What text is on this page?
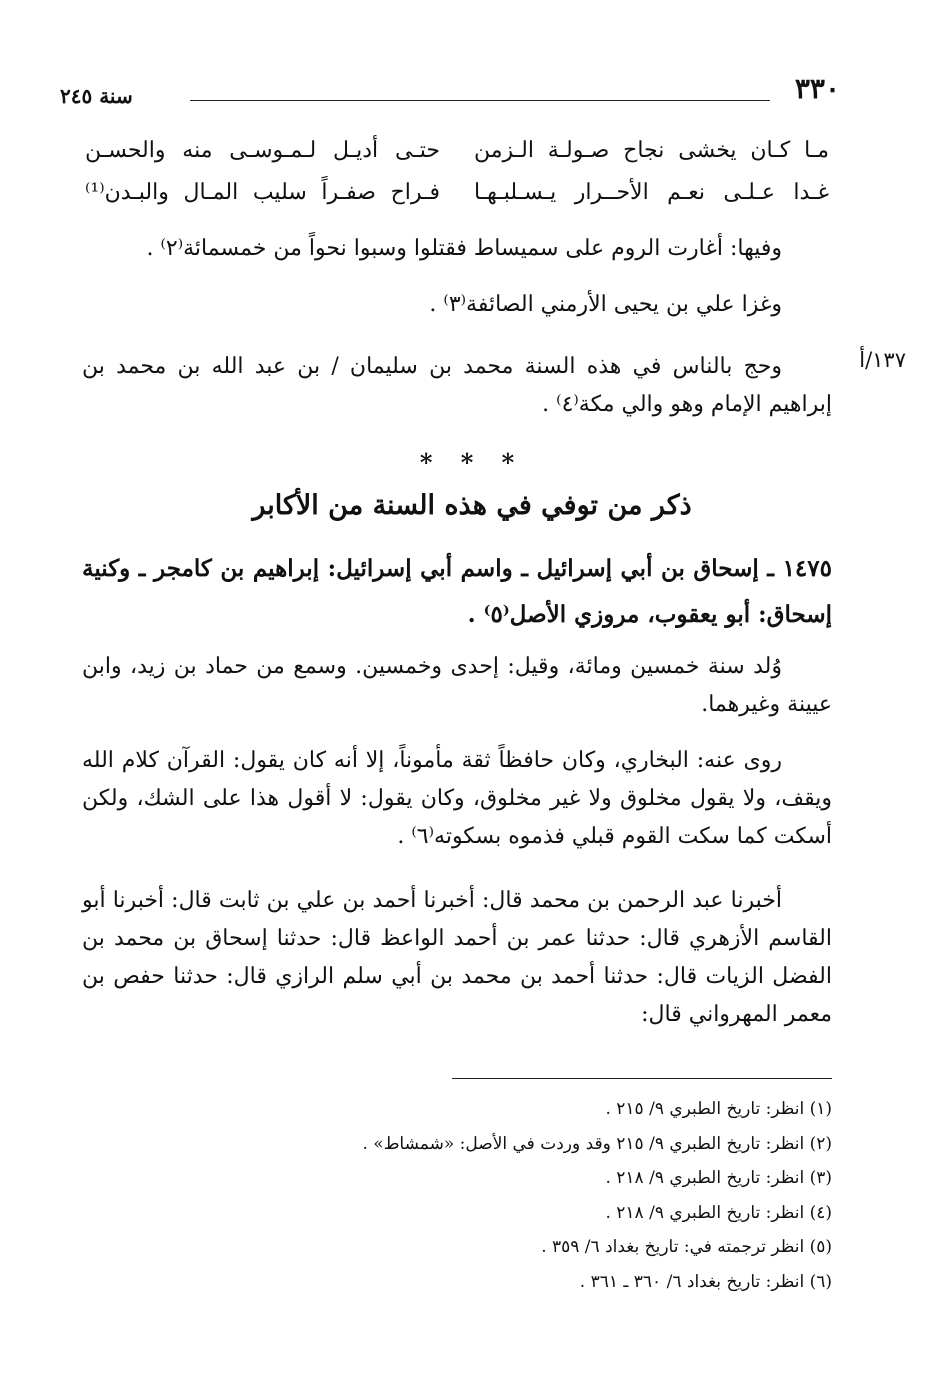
سنة ٢٤٥	٣٣٠
مـا كـان يخشى نجاح صـولـة الـزمن
حتـى أديـل لـمـوسـى منه والحسـن
غـدا عـلـى نعـم الأحــرار يـسـلبـهـا
فـراح صفـراً سليب المـال والبـدن⁽¹⁾
وفيها: أغارت الروم على سميساط فقتلوا وسبوا نحواً من خمسمائة⁽٢⁾ .
وغزا علي بن يحيى الأرمني الصائفة⁽٣⁾ .
١٣٧/أ
وحج بالناس في هذه السنة محمد بن سليمان / بن عبد الله بن محمد بن إبراهيم الإمام وهو والي مكة⁽٤⁾ .
* * *
ذكر من توفي في هذه السنة من الأكابر
١٤٧٥ ـ إسحاق بن أبي إسرائيل ـ واسم أبي إسرائيل: إبراهيم بن كامجر ـ وكنية إسحاق: أبو يعقوب، مروزي الأصل⁽٥⁾ .
وُلد سنة خمسين ومائة، وقيل: إحدى وخمسين. وسمع من حماد بن زيد، وابن عيينة وغيرهما.
روى عنه: البخاري، وكان حافظاً ثقة مأموناً، إلا أنه كان يقول: القرآن كلام الله ويقف، ولا يقول مخلوق ولا غير مخلوق، وكان يقول: لا أقول هذا على الشك، ولكن أسكت كما سكت القوم قبلي فذموه بسكوته⁽٦⁾ .
أخبرنا عبد الرحمن بن محمد قال: أخبرنا أحمد بن علي بن ثابت قال: أخبرنا أبو القاسم الأزهري قال: حدثنا عمر بن أحمد الواعظ قال: حدثنا إسحاق بن محمد بن الفضل الزيات قال: حدثنا أحمد بن محمد بن أبي سلم الرازي قال: حدثنا حفص بن معمر المهرواني قال:
(١) انظر: تاريخ الطبري ٩/ ٢١٥ .
(٢) انظر: تاريخ الطبري ٩/ ٢١٥ وقد وردت في الأصل: «شمشاط» .
(٣) انظر: تاريخ الطبري ٩/ ٢١٨ .
(٤) انظر: تاريخ الطبري ٩/ ٢١٨ .
(٥) انظر ترجمته في: تاريخ بغداد ٦/ ٣٥٩ .
(٦) انظر: تاريخ بغداد ٦/ ٣٦٠ ـ ٣٦١ .
